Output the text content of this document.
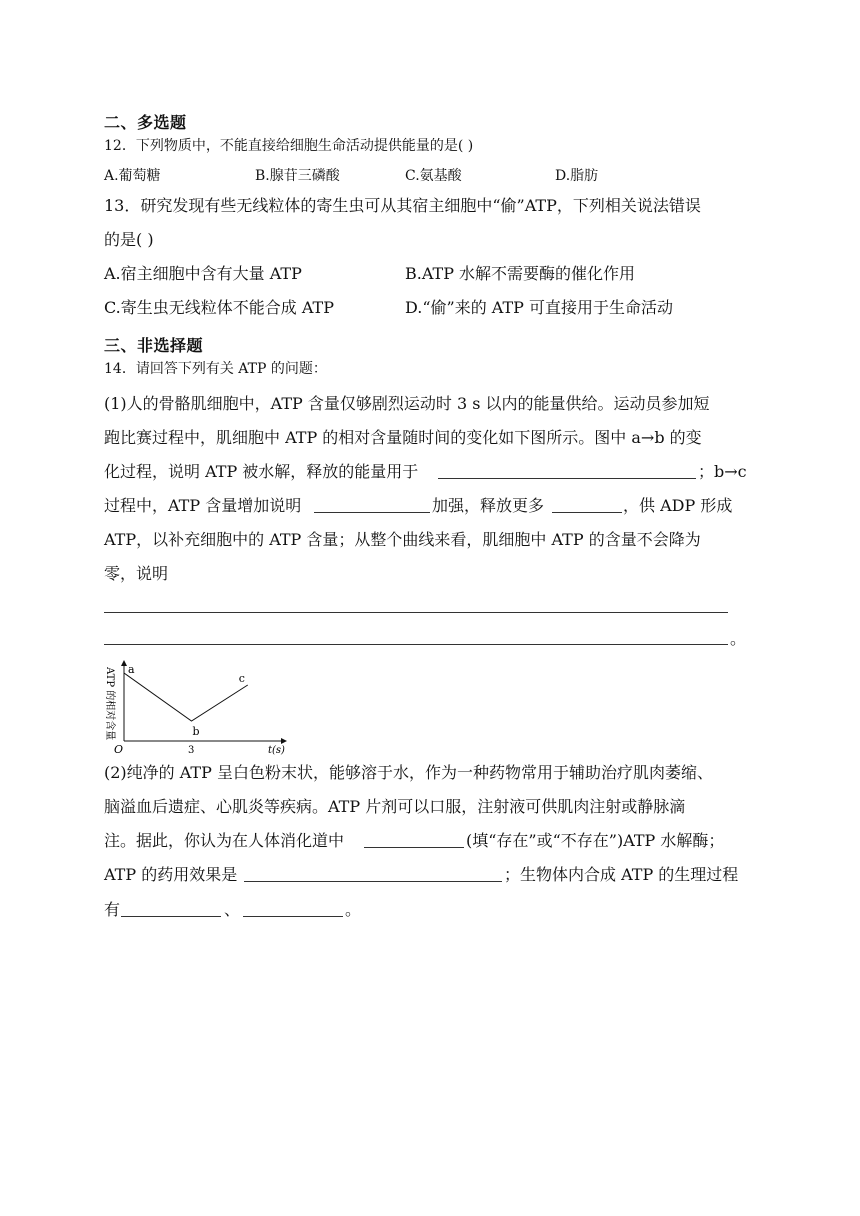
二、多选题
12．下列物质中，不能直接给细胞生命活动提供能量的是( )
A.葡萄糖	B.腺苷三磷酸	C.氨基酸	D.脂肪
13．研究发现有些无线粒体的寄生虫可从其宿主细胞中“偷”ATP，下列相关说法错误
的是( )
A.宿主细胞中含有大量 ATP	B.ATP 水解不需要酶的催化作用
C.寄生虫无线粒体不能合成 ATP	D.“偷”来的 ATP 可直接用于生命活动
三、非选择题
14．请回答下列有关 ATP 的问题：
(1)人的骨骼肌细胞中，ATP 含量仅够剧烈运动时 3 s 以内的能量供给。运动员参加短
跑比赛过程中，肌细胞中 ATP 的相对含量随时间的变化如下图所示。图中 a→b 的变
化过程，说明 ATP 被水解，释放的能量用于	；b→c
过程中，ATP 含量增加说明	加强，释放更多	，供 ADP 形成
ATP，以补充细胞中的 ATP 含量；从整个曲线来看，肌细胞中 ATP 的含量不会降为
零，说明
。
ATP 的相对含量
O	3	t(s)
a
b
c
(2)纯净的 ATP 呈白色粉末状，能够溶于水，作为一种药物常用于辅助治疗肌肉萎缩、
脑溢血后遗症、心肌炎等疾病。ATP 片剂可以口服，注射液可供肌肉注射或静脉滴
注。据此，你认为在人体消化道中	(填“存在”或“不存在”)ATP 水解酶；
ATP 的药用效果是	；生物体内合成 ATP 的生理过程
有	、	。
